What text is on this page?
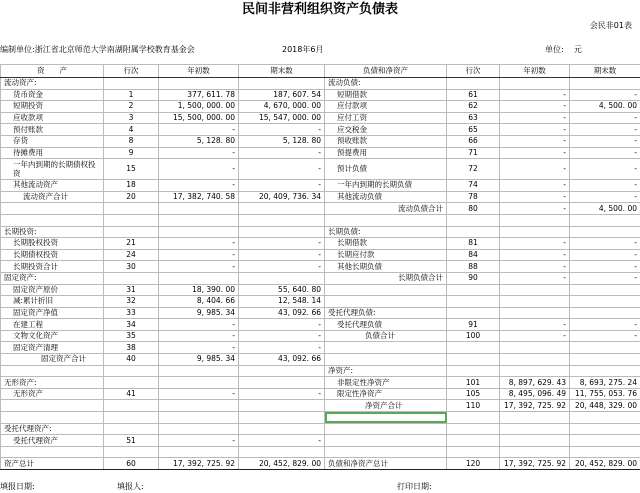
民间非营利组织资产负债表
会民非01表
编制单位:浙江省北京师范大学南湖附属学校教育基金会	2018年6月	单位: 元
资　　产	行次	年初数	期末数	负债和净资产	行次	年初数	期末数
流动资产:				流动负债:			
货币资金	1	377, 611. 78	187, 607. 54	短期借款	61	-	-
短期投资	2	1, 500, 000. 00	4, 670, 000. 00	应付款项	62	-	4, 500. 00
应收款项	3	15, 500, 000. 00	15, 547, 000. 00	应付工资	63	-	-
预付账款	4	-	-	应交税金	65	-	-
存货	8	5, 128. 80	5, 128. 80	预收账款	66	-	-
待摊费用	9	-	-	预提费用	71	-	-
一年内到期的长期债权投资	15	-	-	预计负债	72	-	-
其他流动资产	18	-	-	一年内到期的长期负债	74	-	-
流动资产合计	20	17, 382, 740. 58	20, 409, 736. 34	其他流动负债	78	-	-
				流动负债合计	80	-	4, 500. 00

长期投资:				长期负债:			
长期股权投资	21	-	-	长期借款	81	-	-
长期债权投资	24	-	-	长期应付款	84	-	-
长期投资合计	30	-	-	其他长期负债	88	-	-
固定资产:				长期负债合计	90	-	-
固定资产原价	31	18, 390. 00	55, 640. 80				
减:累计折旧	32	8, 404. 66	12, 548. 14				
固定资产净值	33	9, 985. 34	43, 092. 66	受托代理负债:			
在建工程	34	-	-	受托代理负债	91	-	-
文物文化资产	35	-	-	负债合计	100	-	-
固定资产清理	38	-	-				
固定资产合计	40	9, 985. 34	43, 092. 66				
				净资产:			
无形资产:				非限定性净资产	101	8, 897, 629. 43	8, 693, 275. 24
无形资产	41	-	-	限定性净资产	105	8, 495, 096. 49	11, 755, 053. 76
				净资产合计	110	17, 392, 725. 92	20, 448, 329. 00

受托代理资产:							
受托代理资产	51	-	-				

资产总计	60	17, 392, 725. 92	20, 452, 829. 00	负债和净资产总计	120	17, 392, 725. 92	20, 452, 829. 00
填报日期:	填报人:	打印日期:
